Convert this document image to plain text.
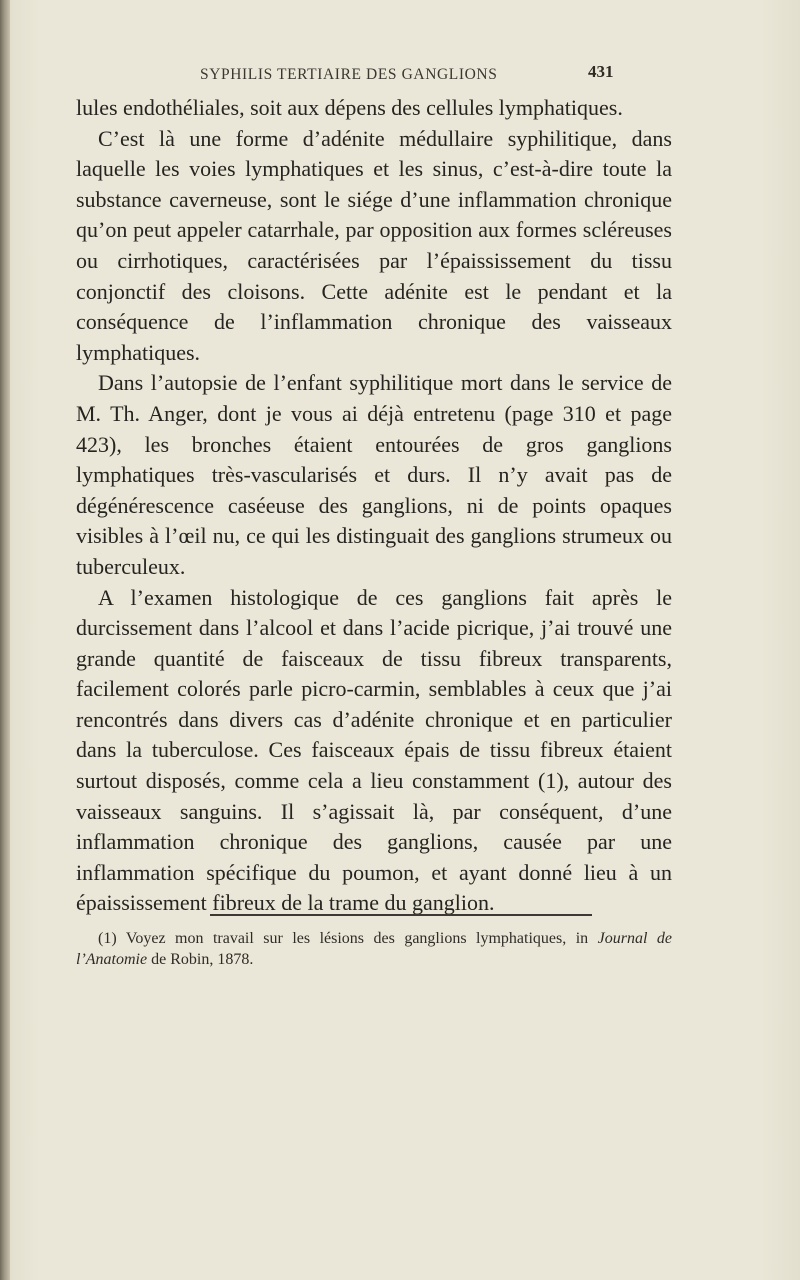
SYPHILIS TERTIAIRE DES GANGLIONS	431

lules endothéliales, soit aux dépens des cellules lymphatiques.

C’est là une forme d’adénite médullaire syphilitique, dans laquelle les voies lymphatiques et les sinus, c’est-à-dire toute la substance caverneuse, sont le siége d’une inflammation chronique qu’on peut appeler catarrhale, par opposition aux formes scléreuses ou cirrhotiques, caractérisées par l’épaississement du tissu conjonctif des cloisons. Cette adénite est le pendant et la conséquence de l’inflammation chronique des vaisseaux lymphatiques.

Dans l’autopsie de l’enfant syphilitique mort dans le service de M. Th. Anger, dont je vous ai déjà entretenu (page 310 et page 423), les bronches étaient entourées de gros ganglions lymphatiques très-vascularisés et durs. Il n’y avait pas de dégénérescence caséeuse des ganglions, ni de points opaques visibles à l’œil nu, ce qui les distinguait des ganglions strumeux ou tuberculeux.

A l’examen histologique de ces ganglions fait après le durcissement dans l’alcool et dans l’acide picrique, j’ai trouvé une grande quantité de faisceaux de tissu fibreux transparents, facilement colorés parle picro-carmin, semblables à ceux que j’ai rencontrés dans divers cas d’adénite chronique et en particulier dans la tuberculose. Ces faisceaux épais de tissu fibreux étaient surtout disposés, comme cela a lieu constamment (1), autour des vaisseaux sanguins. Il s’agissait là, par conséquent, d’une inflammation chronique des ganglions, causée par une inflammation spécifique du poumon, et ayant donné lieu à un épaississement fibreux de la trame du ganglion.

(1) Voyez mon travail sur les lésions des ganglions lymphatiques, in Journal de l’Anatomie de Robin, 1878.
